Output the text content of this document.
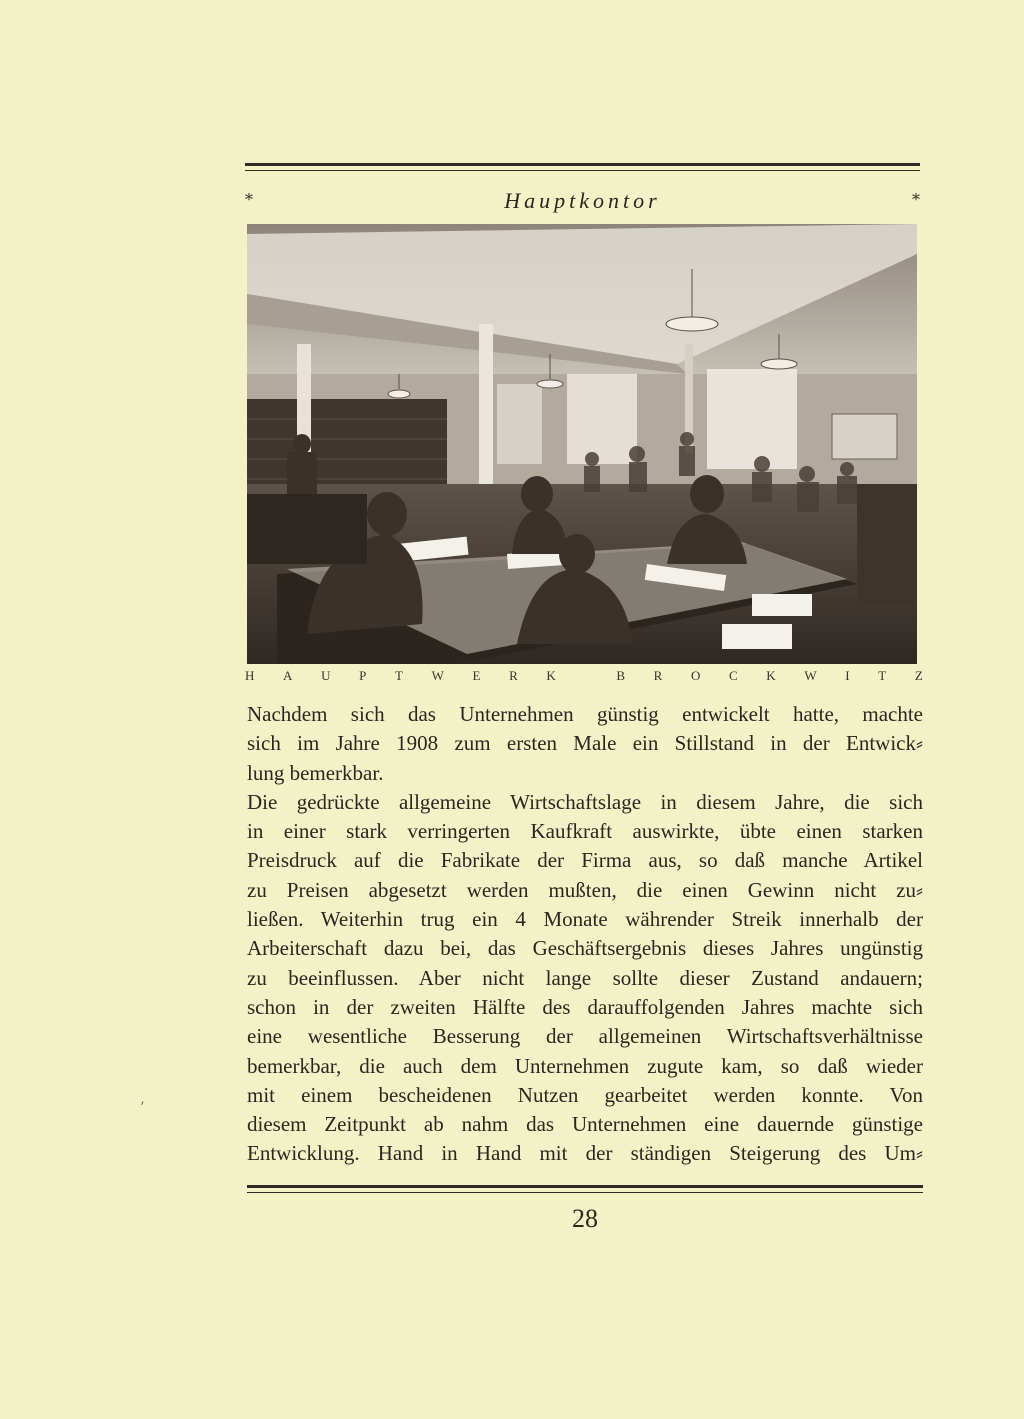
*	Hauptkontor	*
H A U P T W E R K
	B R O C K W I T Z
Nachdem sich das Unternehmen günstig entwickelt hatte, machte
sich im Jahre 1908 zum ersten Male ein Stillstand in der Entwick⸗
lung bemerkbar.
Die gedrückte allgemeine Wirtschaftslage in diesem Jahre, die sich
in einer stark verringerten Kaufkraft auswirkte, übte einen starken
Preisdruck auf die Fabrikate der Firma aus, so daß manche Artikel
zu Preisen abgesetzt werden mußten, die einen Gewinn nicht zu⸗
ließen. Weiterhin trug ein 4 Monate währender Streik innerhalb der
Arbeiterschaft dazu bei, das Geschäftsergebnis dieses Jahres ungünstig
zu beeinflussen. Aber nicht lange sollte dieser Zustand andauern;
schon in der zweiten Hälfte des darauffolgenden Jahres machte sich
eine wesentliche Besserung der allgemeinen Wirtschaftsverhältnisse
bemerkbar, die auch dem Unternehmen zugute kam, so daß wieder
mit einem bescheidenen Nutzen gearbeitet werden konnte. Von
diesem Zeitpunkt ab nahm das Unternehmen eine dauernde günstige
Entwicklung. Hand in Hand mit der ständigen Steigerung des Um⸗
28
’
